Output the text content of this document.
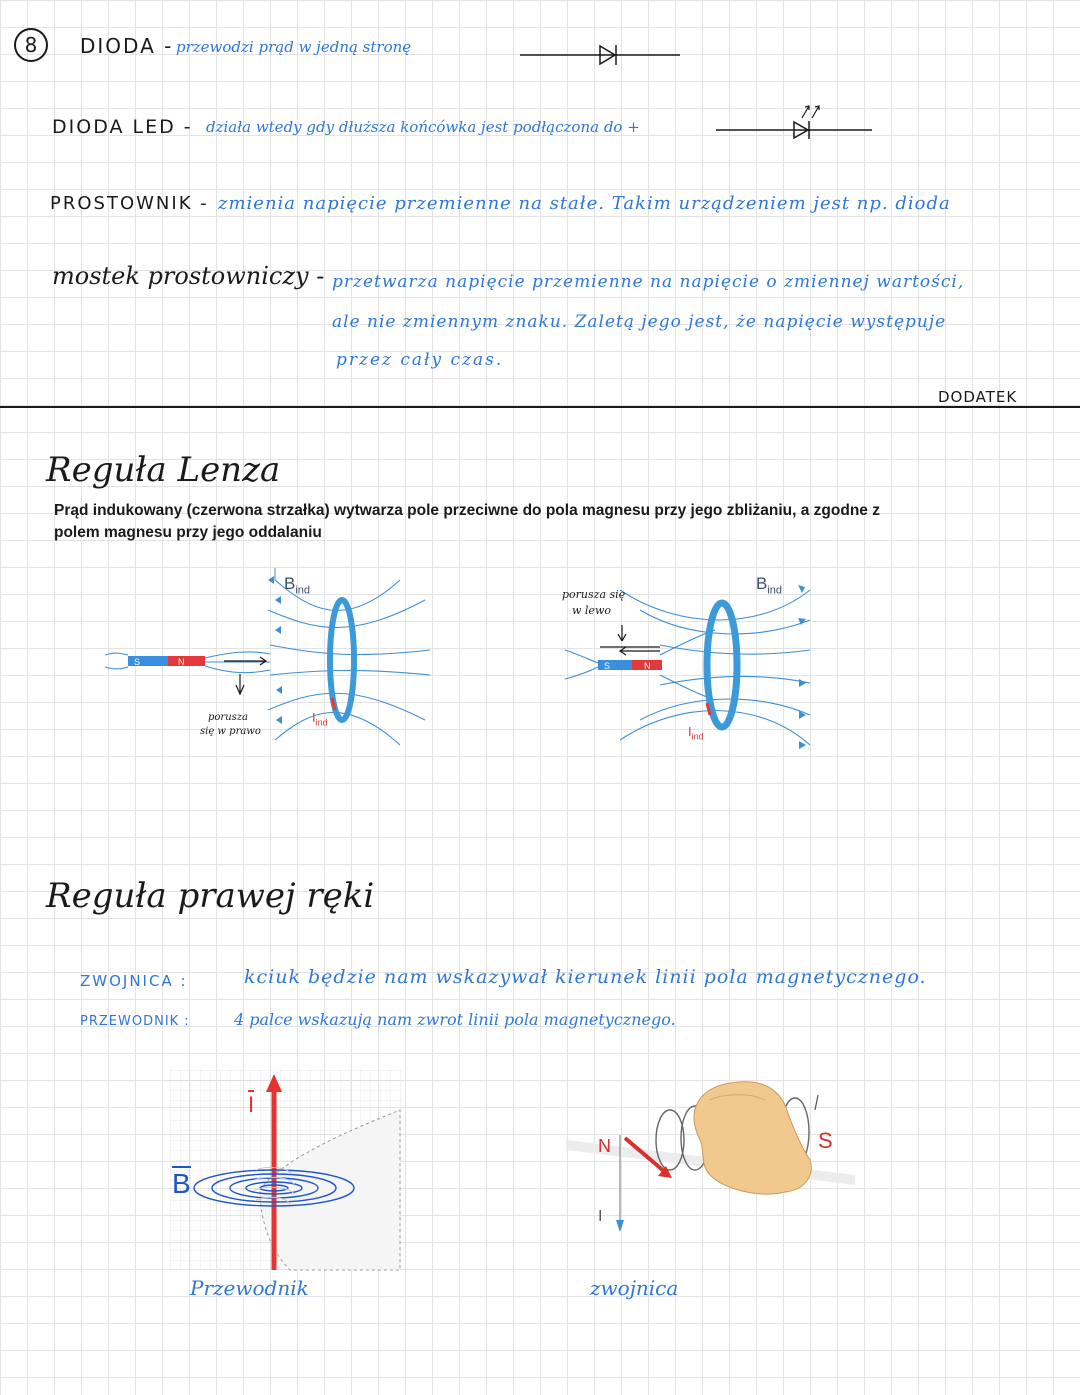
8	DIODA - przewodzi prąd w jedną stronę
DIODA LED - działa wtedy gdy dłuższa końcówka jest podłączona do +
PROSTOWNIK - zmienia napięcie przemienne na stałe. Takim urządzeniem jest np. dioda
mostek prostowniczy - przetwarza napięcie przemienne na napięcie o zmiennej wartości,
ale nie zmiennym znaku. Zaletą jego jest, że napięcie występuje
przez cały czas.
DODATEK
Reguła Lenza
Prąd indukowany (czerwona strzałka) wytwarza pole przeciwne do pola magnesu przy jego zbliżaniu, a zgodne z
polem magnesu przy jego oddalaniu
S	N
$B_{ind}$
$I_{ind}$
porusza
się w prawo
S	N
$B_{ind}$
$I_{ind}$
porusza się
w lewo
Reguła prawej ręki
ZWOJNICA :	kciuk będzie nam wskazywał kierunek linii pola magnetycznego.
PRZEWODNIK :	4 palce wskazują nam zwrot linii pola magnetycznego.
I
B
Przewodnik
N	S
I
zwojnica
